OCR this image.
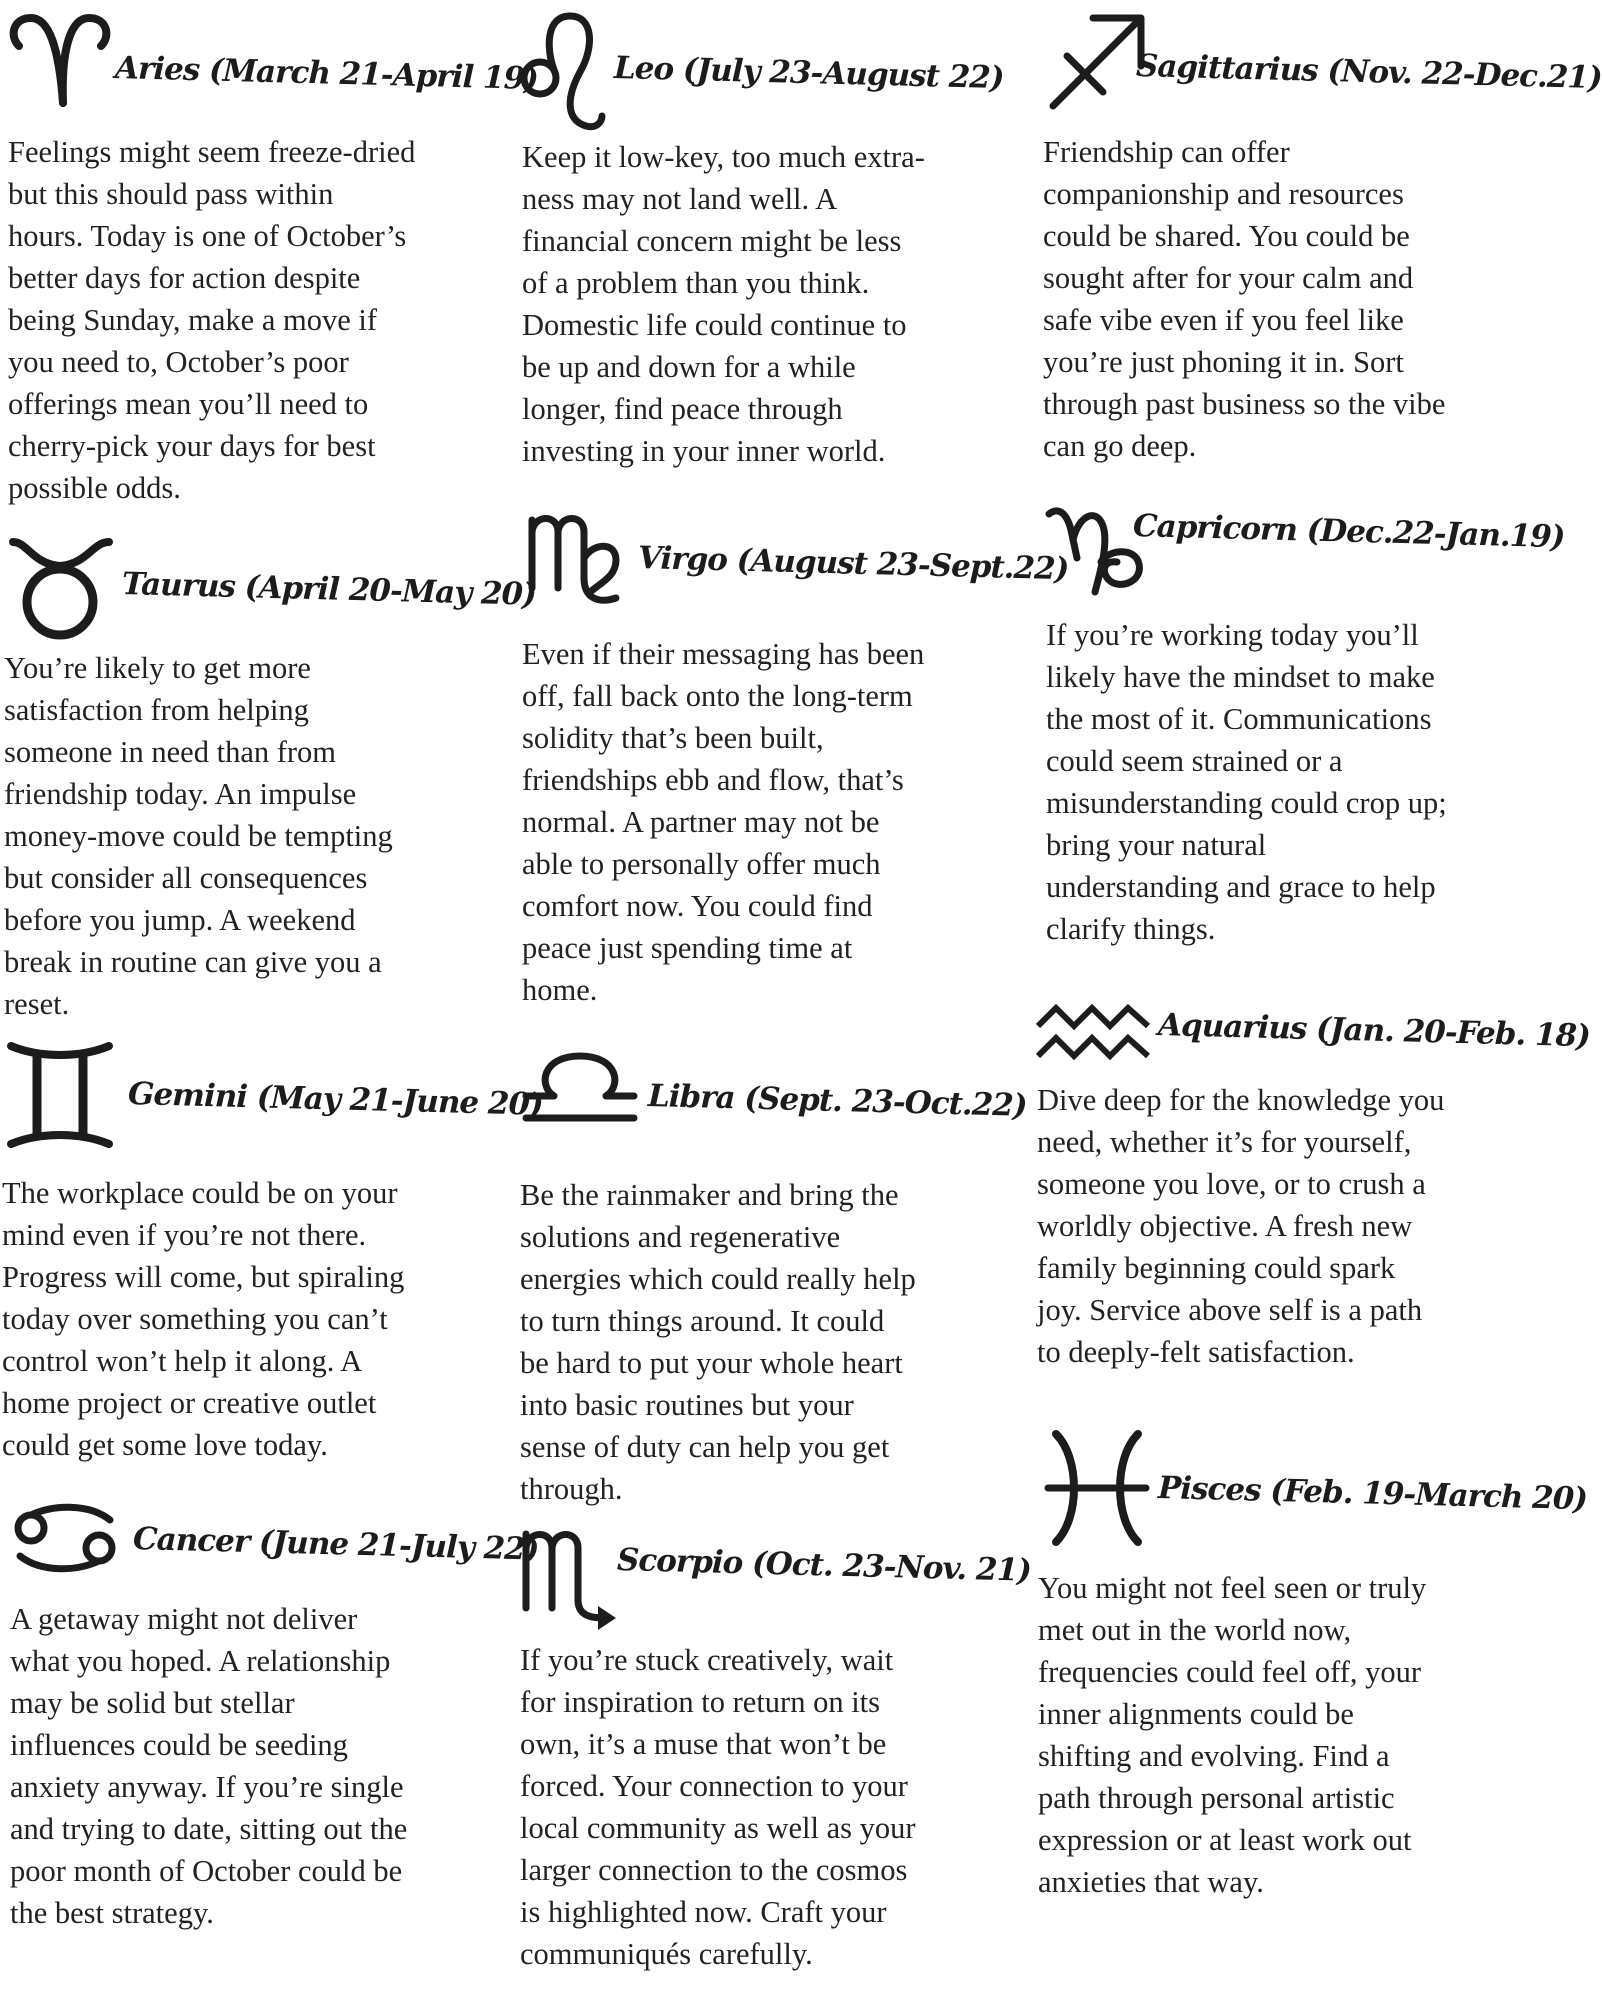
Aries (March 21-April 19)
Feelings might seem freeze-dried
but this should pass within
hours. Today is one of October’s
better days for action despite
being Sunday, make a move if
you need to, October’s poor
offerings mean you’ll need to
cherry-pick your days for best
possible odds.
Taurus (April 20-May 20)
You’re likely to get more
satisfaction from helping
someone in need than from
friendship today. An impulse
money-move could be tempting
but consider all consequences
before you jump. A weekend
break in routine can give you a
reset.
Gemini (May 21-June 20)
The workplace could be on your
mind even if you’re not there.
Progress will come, but spiraling
today over something you can’t
control won’t help it along. A
home project or creative outlet
could get some love today.
Cancer (June 21-July 22)
A getaway might not deliver
what you hoped. A relationship
may be solid but stellar
influences could be seeding
anxiety anyway. If you’re single
and trying to date, sitting out the
poor month of October could be
the best strategy.
Leo (July 23-August 22)
Keep it low-key, too much extra-
ness may not land well. A
financial concern might be less
of a problem than you think.
Domestic life could continue to
be up and down for a while
longer, find peace through
investing in your inner world.
Virgo (August 23-Sept.22)
Even if their messaging has been
off, fall back onto the long-term
solidity that’s been built,
friendships ebb and flow, that’s
normal. A partner may not be
able to personally offer much
comfort now. You could find
peace just spending time at
home.
Libra (Sept. 23-Oct.22)
Be the rainmaker and bring the
solutions and regenerative
energies which could really help
to turn things around. It could
be hard to put your whole heart
into basic routines but your
sense of duty can help you get
through.
Scorpio (Oct. 23-Nov. 21)
If you’re stuck creatively, wait
for inspiration to return on its
own, it’s a muse that won’t be
forced. Your connection to your
local community as well as your
larger connection to the cosmos
is highlighted now. Craft your
communiqués carefully.
Sagittarius (Nov. 22-Dec.21)
Friendship can offer
companionship and resources
could be shared. You could be
sought after for your calm and
safe vibe even if you feel like
you’re just phoning it in. Sort
through past business so the vibe
can go deep.
Capricorn (Dec.22-Jan.19)
If you’re working today you’ll
likely have the mindset to make
the most of it. Communications
could seem strained or a
misunderstanding could crop up;
bring your natural
understanding and grace to help
clarify things.
Aquarius (Jan. 20-Feb. 18)
Dive deep for the knowledge you
need, whether it’s for yourself,
someone you love, or to crush a
worldly objective. A fresh new
family beginning could spark
joy. Service above self is a path
to deeply-felt satisfaction.
Pisces (Feb. 19-March 20)
You might not feel seen or truly
met out in the world now,
frequencies could feel off, your
inner alignments could be
shifting and evolving. Find a
path through personal artistic
expression or at least work out
anxieties that way.
